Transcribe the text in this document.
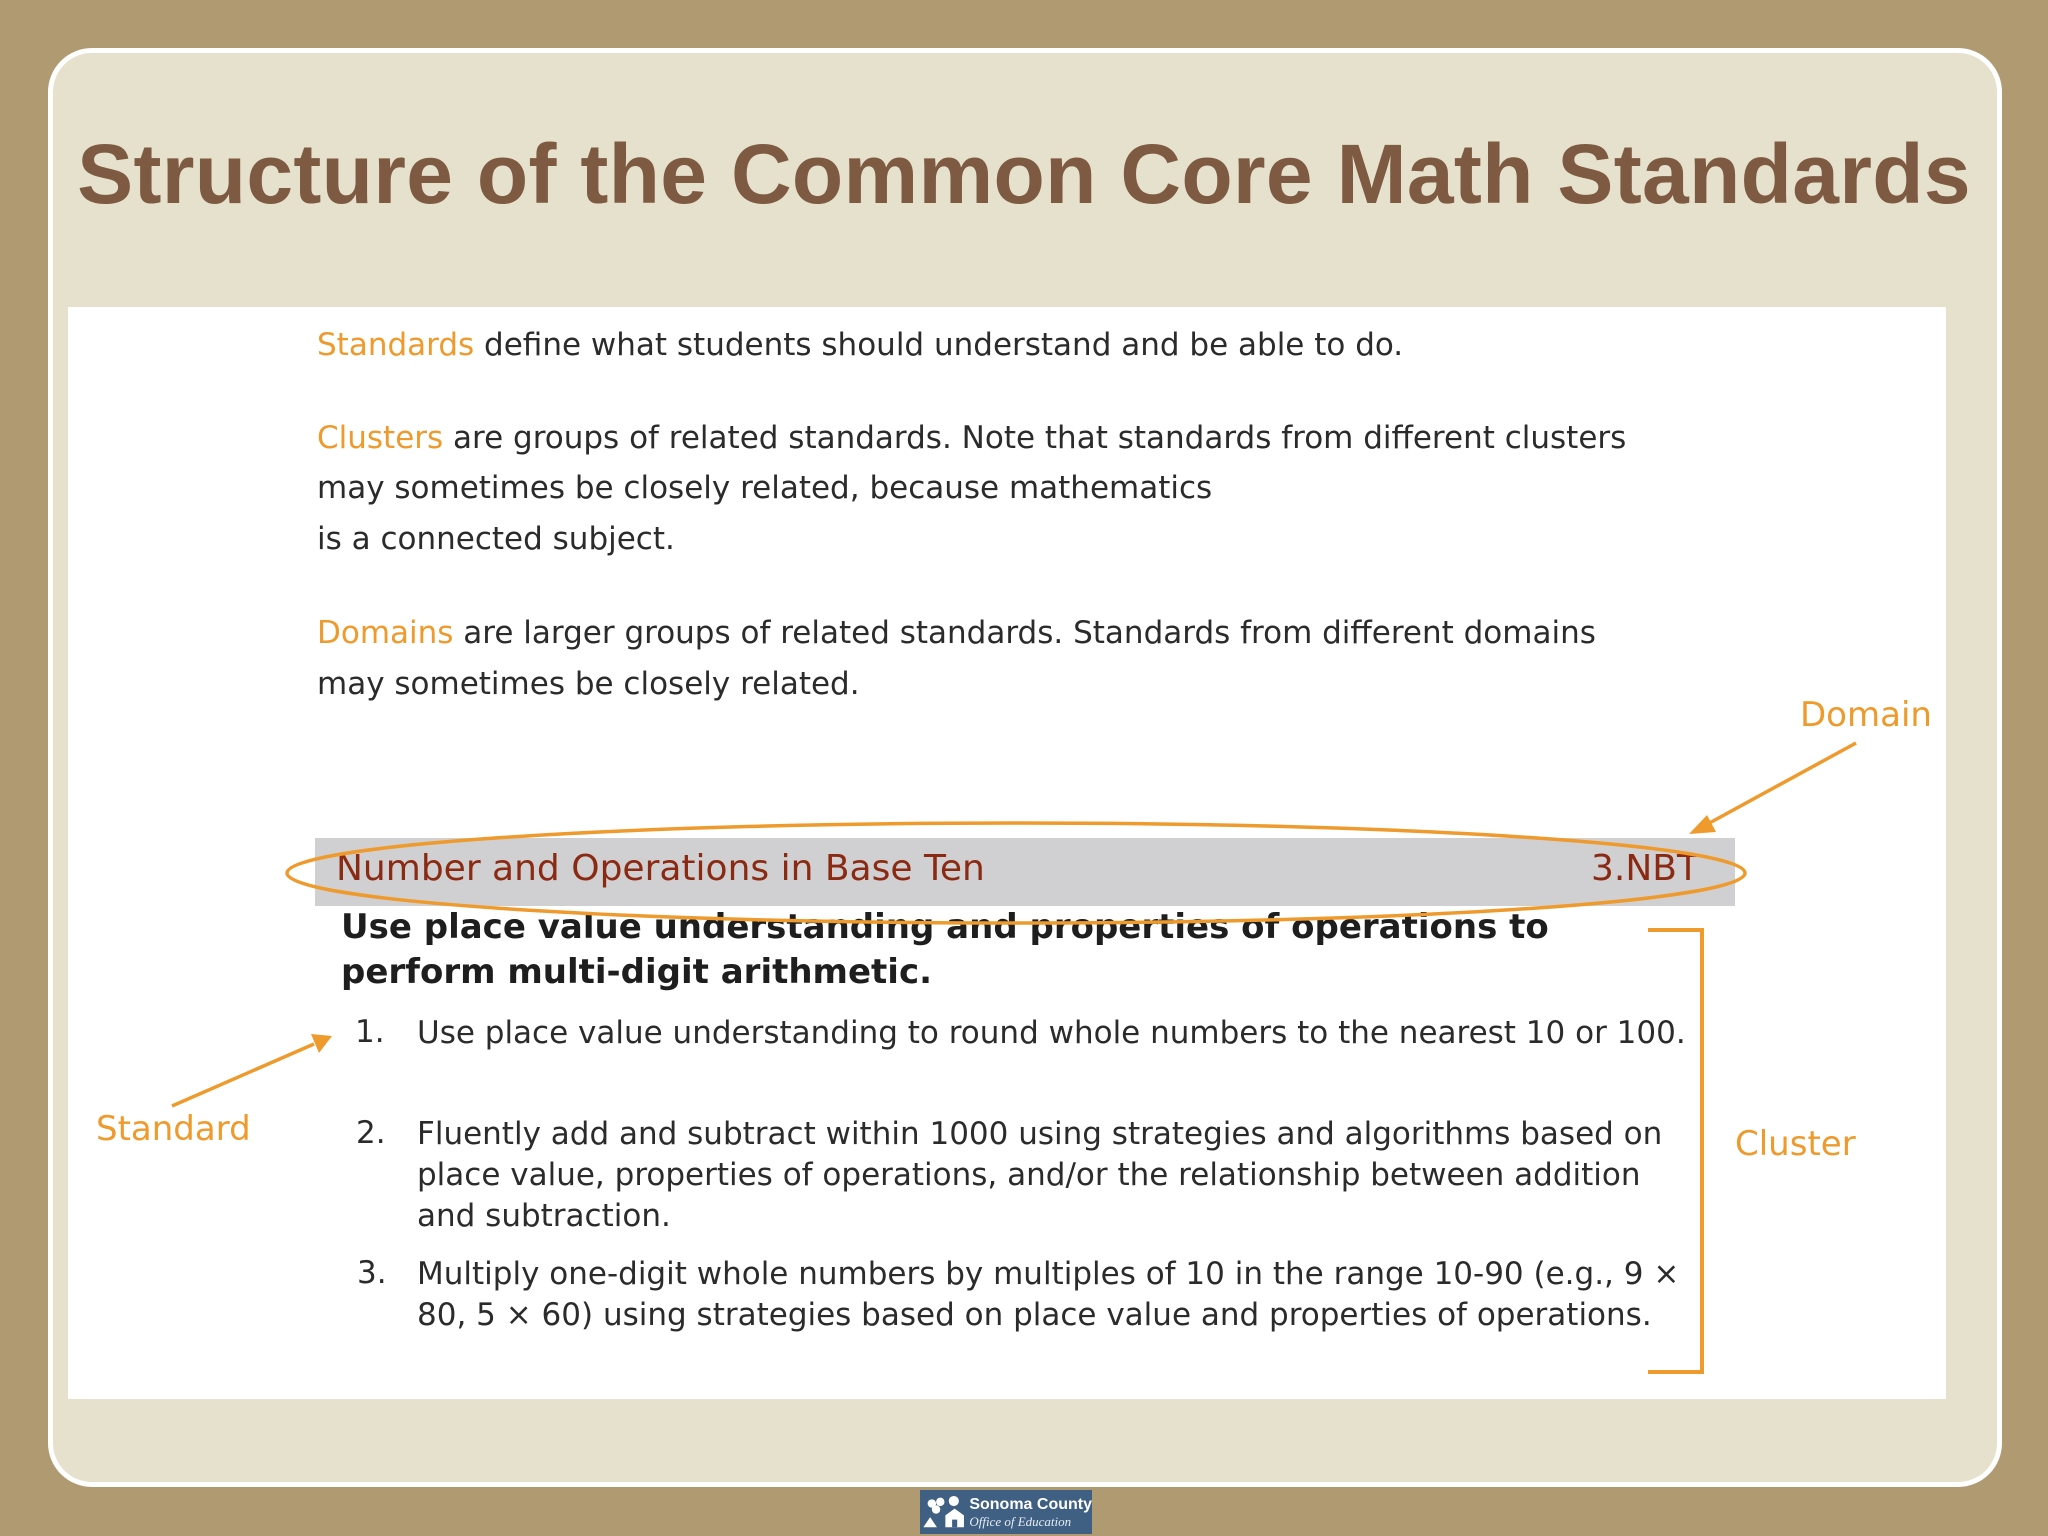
Structure of the Common Core Math Standards
Standards define what students should understand and be able to do.
Clusters are groups of related standards. Note that standards from different clusters
may sometimes be closely related, because mathematics
is a connected subject.
Domains are larger groups of related standards. Standards from different domains
may sometimes be closely related.
Number and Operations in Base Ten	3.NBT
Use place value understanding and properties of operations to perform multi-digit arithmetic.
1. Use place value understanding to round whole numbers to the nearest 10 or 100.
2. Fluently add and subtract within 1000 using strategies and algorithms based on place value, properties of operations, and/or the relationship between addition and subtraction.
3. Multiply one-digit whole numbers by multiples of 10 in the range 10-90 (e.g., 9 × 80, 5 × 60) using strategies based on place value and properties of operations.
Domain
Standard	Cluster
Sonoma County
Office of Education
